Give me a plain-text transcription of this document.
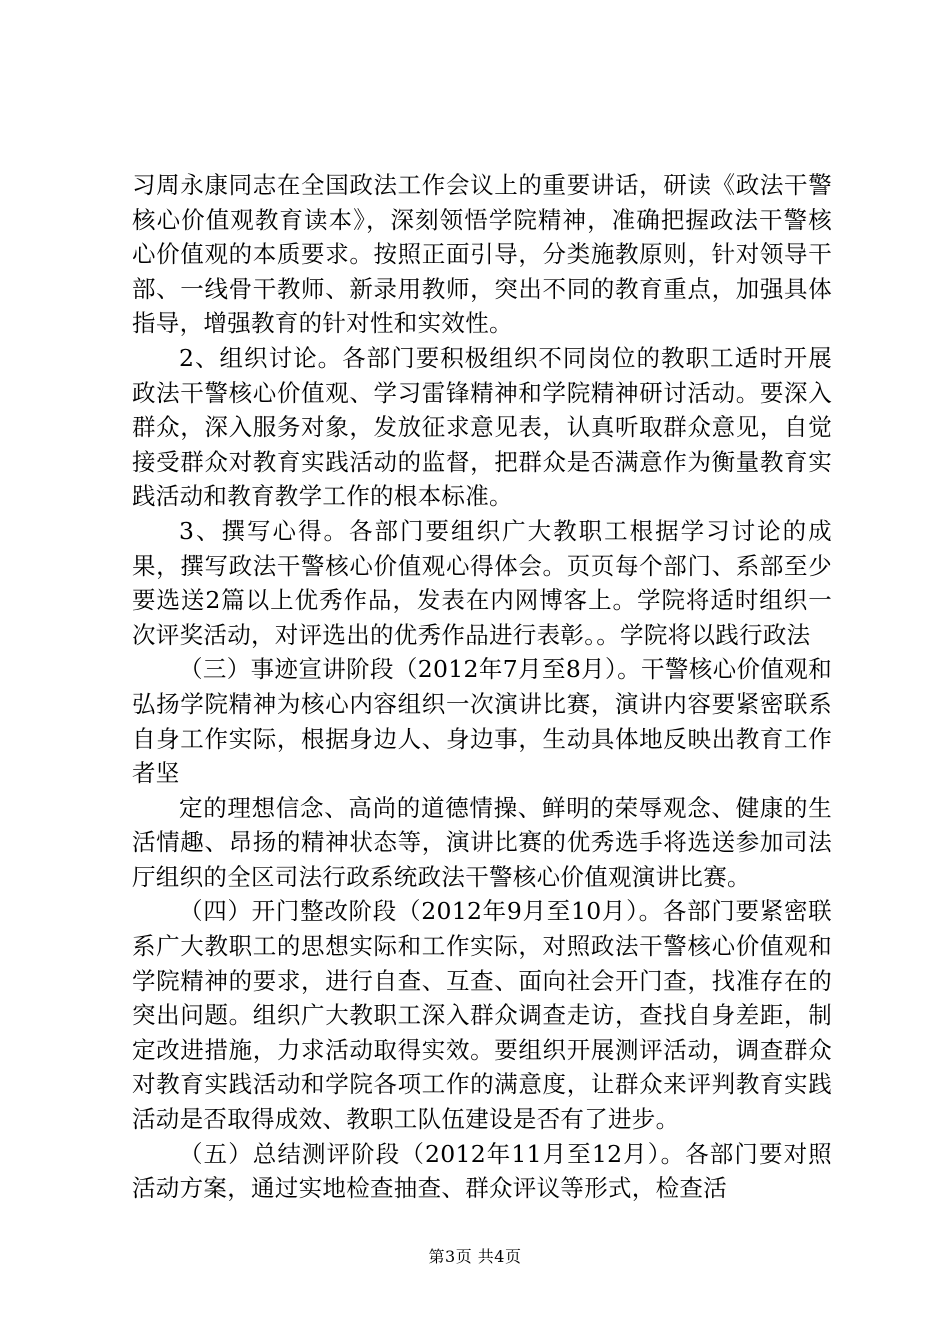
习周永康同志在全国政法工作会议上的重要讲话，研读《政法干警核心价值观教育读本》，深刻领悟学院精神，准确把握政法干警核心价值观的本质要求。按照正面引导，分类施教原则，针对领导干部、一线骨干教师、新录用教师，突出不同的教育重点，加强具体指导，增强教育的针对性和实效性。

2、组织讨论。各部门要积极组织不同岗位的教职工适时开展政法干警核心价值观、学习雷锋精神和学院精神研讨活动。要深入群众，深入服务对象，发放征求意见表，认真听取群众意见，自觉接受群众对教育实践活动的监督，把群众是否满意作为衡量教育实践活动和教育教学工作的根本标准。

3、撰写心得。各部门要组织广大教职工根据学习讨论的成果，撰写政法干警核心价值观心得体会。页页每个部门、系部至少要选送2篇以上优秀作品，发表在内网博客上。学院将适时组织一次评奖活动，对评选出的优秀作品进行表彰。。学院将以践行政法

（三）事迹宣讲阶段（2012年7月至8月）。干警核心价值观和弘扬学院精神为核心内容组织一次演讲比赛，演讲内容要紧密联系自身工作实际，根据身边人、身边事，生动具体地反映出教育工作者坚

定的理想信念、高尚的道德情操、鲜明的荣辱观念、健康的生活情趣、昂扬的精神状态等，演讲比赛的优秀选手将选送参加司法厅组织的全区司法行政系统政法干警核心价值观演讲比赛。

（四）开门整改阶段（2012年9月至10月）。各部门要紧密联系广大教职工的思想实际和工作实际，对照政法干警核心价值观和学院精神的要求，进行自查、互查、面向社会开门查，找准存在的突出问题。组织广大教职工深入群众调查走访，查找自身差距，制定改进措施，力求活动取得实效。要组织开展测评活动，调查群众对教育实践活动和学院各项工作的满意度，让群众来评判教育实践活动是否取得成效、教职工队伍建设是否有了进步。

（五）总结测评阶段（2012年11月至12月）。各部门要对照活动方案，通过实地检查抽查、群众评议等形式，检查活

第3页 共4页
